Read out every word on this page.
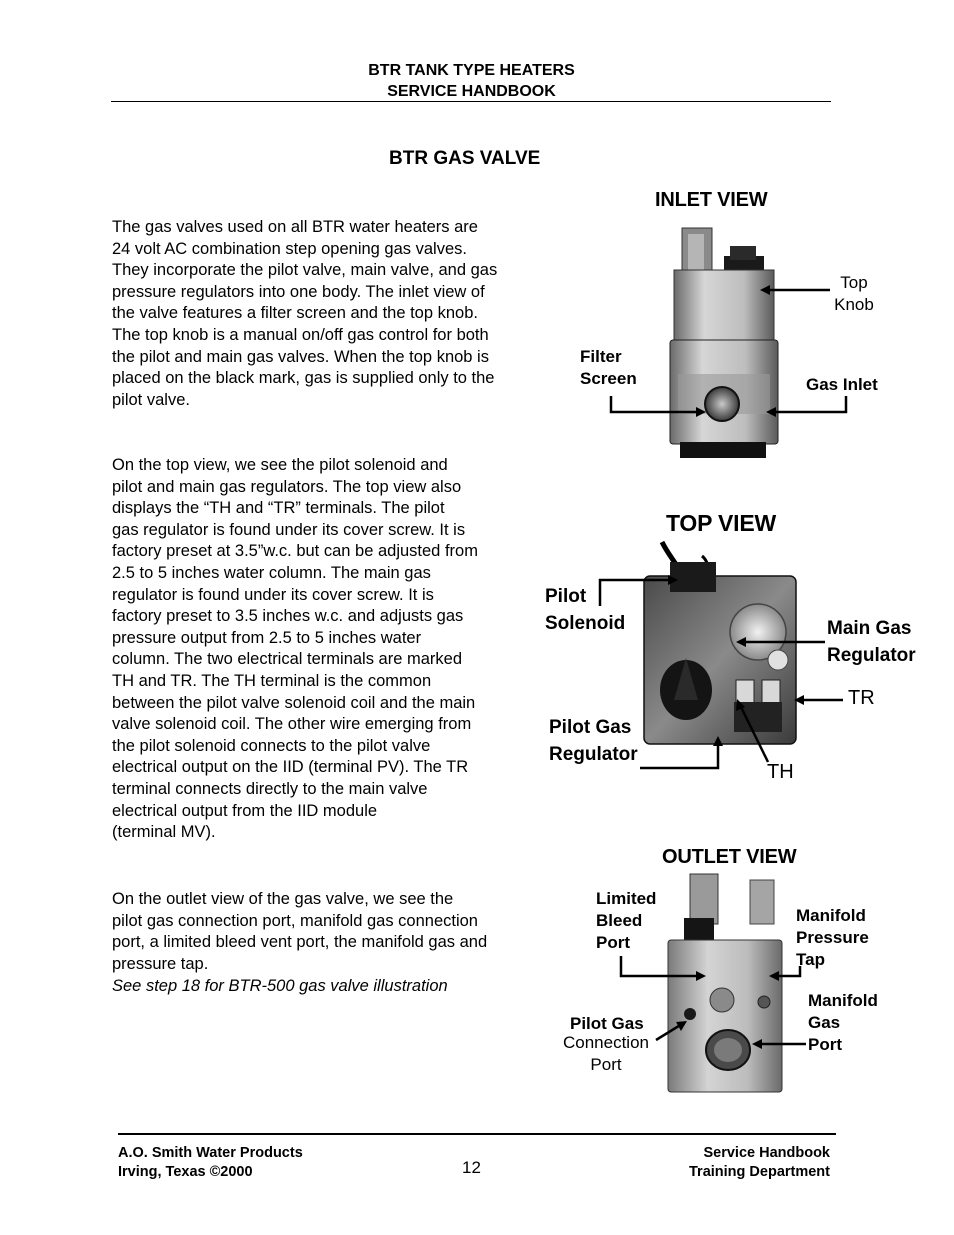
BTR TANK TYPE HEATERS
SERVICE HANDBOOK
BTR GAS VALVE
The gas valves used on all BTR water heaters are
24 volt AC combination step opening gas valves.
They incorporate the pilot valve, main valve, and gas
pressure regulators into one body. The inlet view of
the valve features a filter screen and the top knob.
The top knob is a manual on/off gas control for both
the pilot and main gas valves. When the top knob is
placed on the black mark, gas is supplied only to the
pilot valve.
On the top view, we see the pilot solenoid and
pilot and main gas regulators. The top view also
displays the “TH and “TR” terminals. The pilot
gas regulator is found under its cover screw. It is
factory preset at 3.5”w.c. but can be adjusted from
2.5 to 5 inches water column. The main gas
regulator is found under its cover screw. It is
factory preset to 3.5 inches w.c. and adjusts gas
pressure output from 2.5 to 5 inches water
column. The two electrical terminals are marked
TH and TR. The TH terminal is the common
between the pilot valve solenoid coil and the main
valve solenoid coil. The other wire emerging from
the pilot solenoid connects to the pilot valve
electrical output on the IID (terminal PV). The TR
terminal connects directly to the main valve
electrical output from the IID module
(terminal MV).
On the outlet view of the gas valve, we see the
pilot gas connection port, manifold gas connection
port, a limited bleed vent port, the manifold gas and
pressure tap.
See step 18 for BTR-500 gas valve illustration
INLET VIEW
Top
Knob
Filter
Screen	Gas Inlet
TOP VIEW
Pilot
Solenoid	Main Gas
Regulator
TR
Pilot Gas
Regulator
TH
OUTLET VIEW
Limited
Bleed
Port
Manifold
Pressure
Tap
Manifold
Gas
Port
Pilot Gas
Connection
Port
A.O. Smith Water Products
Irving, Texas ©2000	12
Service Handbook
Training Department
